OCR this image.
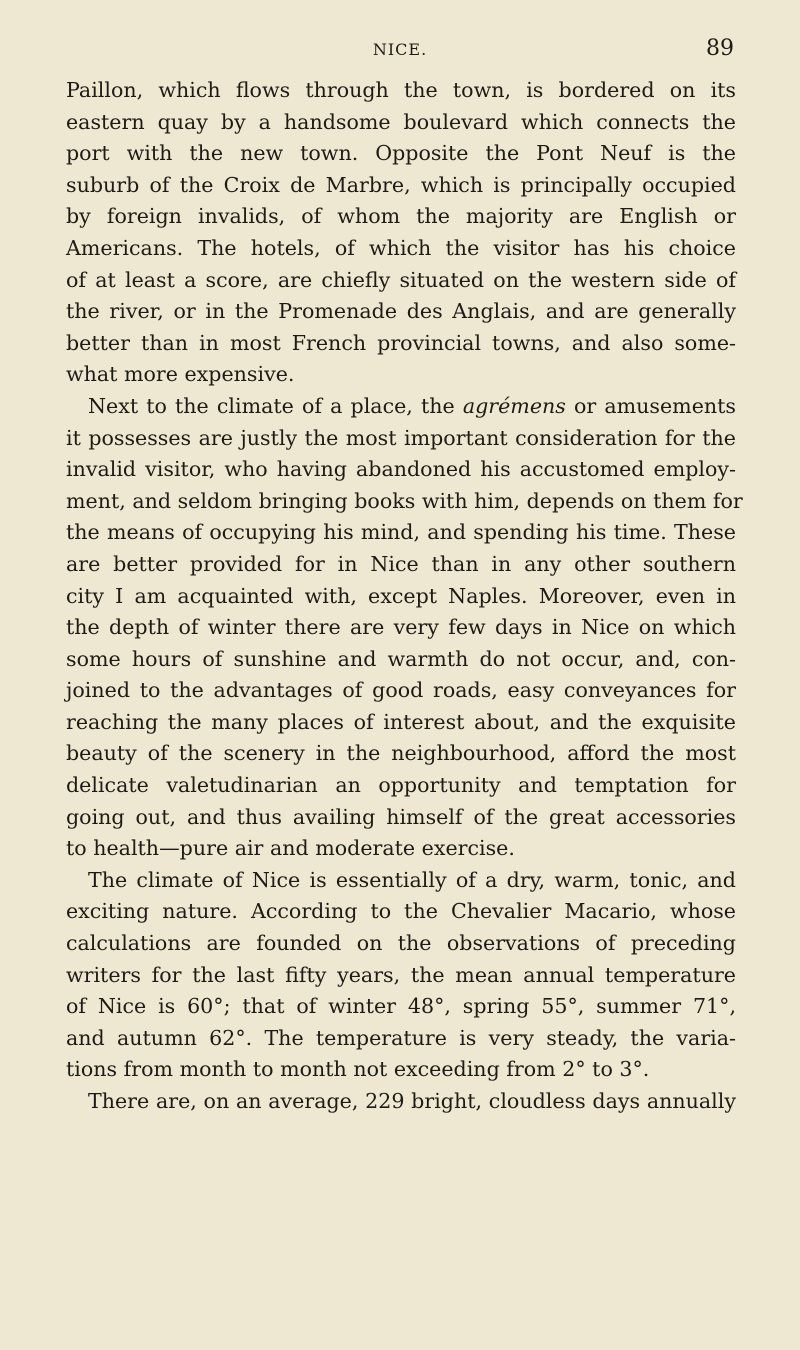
NICE.	89
Paillon, which flows through the town, is bordered on its
eastern quay by a handsome boulevard which connects the
port with the new town. Opposite the Pont Neuf is the
suburb of the Croix de Marbre, which is principally occupied
by foreign invalids, of whom the majority are English or
Americans. The hotels, of which the visitor has his choice
of at least a score, are chiefly situated on the western side of
the river, or in the Promenade des Anglais, and are generally
better than in most French provincial towns, and also some-
what more expensive.
Next to the climate of a place, the agrémens or amusements
it possesses are justly the most important consideration for the
invalid visitor, who having abandoned his accustomed employ-
ment, and seldom bringing books with him, depends on them for
the means of occupying his mind, and spending his time. These
are better provided for in Nice than in any other southern
city I am acquainted with, except Naples. Moreover, even in
the depth of winter there are very few days in Nice on which
some hours of sunshine and warmth do not occur, and, con-
joined to the advantages of good roads, easy conveyances for
reaching the many places of interest about, and the exquisite
beauty of the scenery in the neighbourhood, afford the most
delicate valetudinarian an opportunity and temptation for
going out, and thus availing himself of the great accessories
to health—pure air and moderate exercise.
The climate of Nice is essentially of a dry, warm, tonic, and
exciting nature. According to the Chevalier Macario, whose
calculations are founded on the observations of preceding
writers for the last fifty years, the mean annual temperature
of Nice is 60°; that of winter 48°, spring 55°, summer 71°,
and autumn 62°. The temperature is very steady, the varia-
tions from month to month not exceeding from 2° to 3°.
There are, on an average, 229 bright, cloudless days annually
